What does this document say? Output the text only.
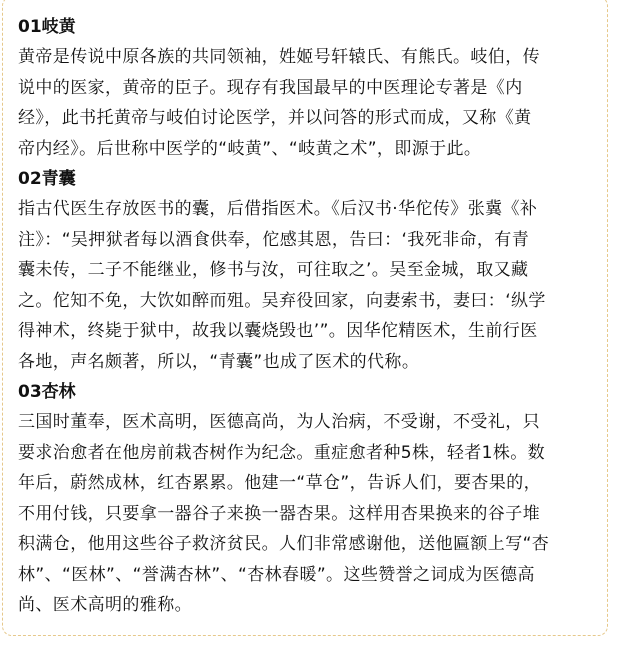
01岐黄

黄帝是传说中原各族的共同领袖，姓姬号轩辕氏、有熊氏。岐伯，传
说中的医家，黄帝的臣子。现存有我国最早的中医理论专著是《内
经》，此书托黄帝与岐伯讨论医学，并以问答的形式而成，又称《黄
帝内经》。后世称中医学的“岐黄”、“岐黄之术”，即源于此。

02青囊

指古代医生存放医书的囊，后借指医术。《后汉书·华佗传》张冀《补
注》：“吴押狱者每以酒食供奉，佗感其恩，告曰：‘我死非命，有青
囊未传，二子不能继业，修书与汝，可往取之’。吴至金城，取又藏
之。佗知不免，大饮如醉而殂。吴弃役回家，向妻索书，妻曰：‘纵学
得神术，终毙于狱中，故我以囊烧毁也’”。因华佗精医术，生前行医
各地，声名颇著，所以，“青囊”也成了医术的代称。

03杏林

三国时董奉，医术高明，医德高尚，为人治病，不受谢，不受礼，只
要求治愈者在他房前栽杏树作为纪念。重症愈者种5株，轻者1株。数
年后，蔚然成林，红杏累累。他建一“草仓”，告诉人们，要杏果的，
不用付钱，只要拿一器谷子来换一器杏果。这样用杏果换来的谷子堆
积满仓，他用这些谷子救济贫民。人们非常感谢他，送他匾额上写“杏
林”、“医林”、“誉满杏林”、“杏林春暖”。这些赞誉之词成为医德高
尚、医术高明的雅称。
